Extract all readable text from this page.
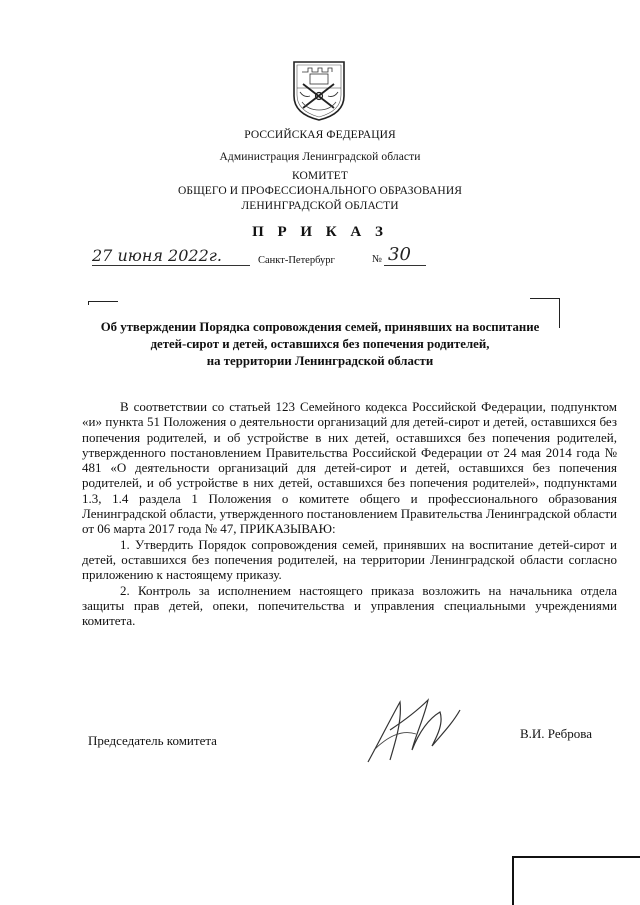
РОССИЙСКАЯ ФЕДЕРАЦИЯ
Администрация Ленинградской области
КОМИТЕТ
ОБЩЕГО И ПРОФЕССИОНАЛЬНОГО ОБРАЗОВАНИЯ
ЛЕНИНГРАДСКОЙ ОБЛАСТИ
П Р И К А З
27 июня 2022г.	Санкт-Петербург	№ 30
Об утверждении Порядка сопровождения семей, принявших на воспитание
детей-сирот и детей, оставшихся без попечения родителей,
на территории Ленинградской области

В соответствии со статьей 123 Семейного кодекса Российской Федерации, подпунктом «и» пункта 51 Положения о деятельности организаций для детей-сирот и детей, оставшихся без попечения родителей, и об устройстве в них детей, оставшихся без попечения родителей, утвержденного постановлением Правительства Российской Федерации от 24 мая 2014 года № 481 «О деятельности организаций для детей-сирот и детей, оставшихся без попечения родителей, и об устройстве в них детей, оставшихся без попечения родителей», подпунктами 1.3, 1.4 раздела 1 Положения о комитете общего и профессионального образования Ленинградской области, утвержденного постановлением Правительства Ленинградской области от 06 марта 2017 года № 47, ПРИКАЗЫВАЮ:

1. Утвердить Порядок сопровождения семей, принявших на воспитание детей-сирот и детей, оставшихся без попечения родителей, на территории Ленинградской области согласно приложению к настоящему приказу.

2. Контроль за исполнением настоящего приказа возложить на начальника отдела защиты прав детей, опеки, попечительства и управления специальными учреждениями комитета.

Председатель комитета	В.И. Реброва
